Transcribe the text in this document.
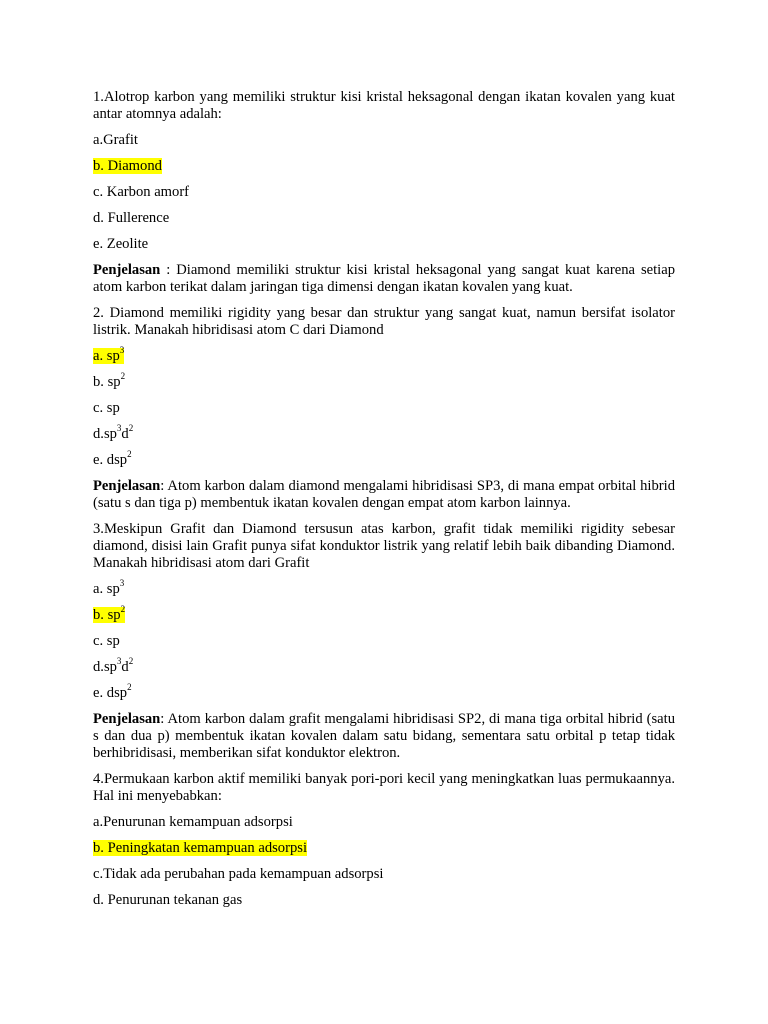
1.Alotrop karbon yang memiliki struktur kisi kristal heksagonal dengan ikatan kovalen yang kuat antar atomnya adalah:

a.Grafit
b. Diamond
c. Karbon amorf
d. Fullerence
e. Zeolite

Penjelasan : Diamond memiliki struktur kisi kristal heksagonal yang sangat kuat karena setiap atom karbon terikat dalam jaringan tiga dimensi dengan ikatan kovalen yang kuat.

2. Diamond memiliki rigidity yang besar dan struktur yang sangat kuat, namun bersifat isolator listrik. Manakah hibridisasi atom C dari Diamond

a. $sp^3$
b. $sp^2$
c. sp
$d.sp^3d^2$
e. dsp$^2$

Penjelasan: Atom karbon dalam diamond mengalami hibridisasi SP3, di mana empat orbital hibrid (satu s dan tiga p) membentuk ikatan kovalen dengan empat atom karbon lainnya.

3.Meskipun Grafit dan Diamond tersusun atas karbon, grafit tidak memiliki rigidity sebesar diamond, disisi lain Grafit punya sifat konduktor listrik yang relatif lebih baik dibanding Diamond. Manakah hibridisasi atom dari Grafit

a. $sp^3$
b. $sp^2$
c. sp
$d.sp^3d^2$
e. dsp$^2$

Penjelasan: Atom karbon dalam grafit mengalami hibridisasi SP2, di mana tiga orbital hibrid (satu s dan dua p) membentuk ikatan kovalen dalam satu bidang, sementara satu orbital p tetap tidak berhibridisasi, memberikan sifat konduktor elektron.

4.Permukaan karbon aktif memiliki banyak pori-pori kecil yang meningkatkan luas permukaannya. Hal ini menyebabkan:

a.Penurunan kemampuan adsorpsi
b. Peningkatan kemampuan adsorpsi
c.Tidak ada perubahan pada kemampuan adsorpsi
d. Penurunan tekanan gas
